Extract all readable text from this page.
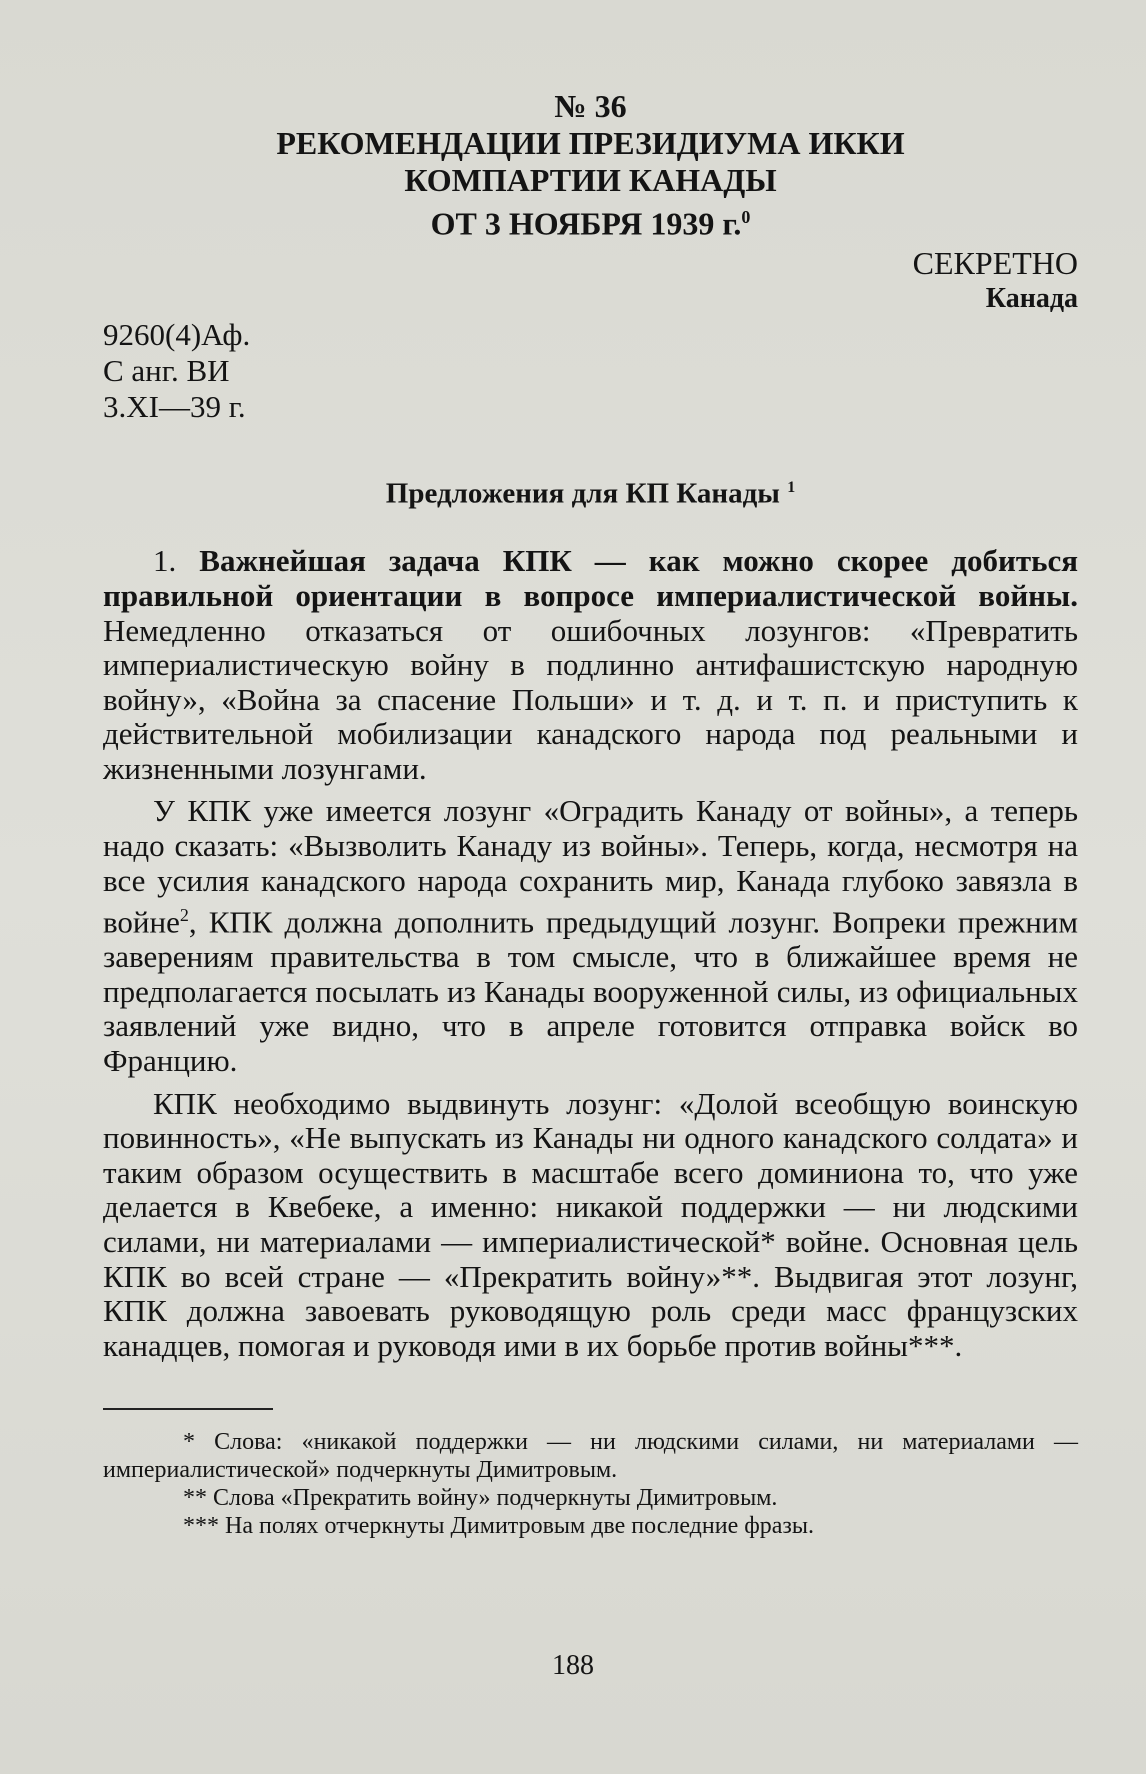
№ 36
РЕКОМЕНДАЦИИ ПРЕЗИДИУМА ИККИ
КОМПАРТИИ КАНАДЫ
ОТ 3 НОЯБРЯ 1939 г.$^0$
СЕКРЕТНО
Канада
9260(4)Аф.
С анг. ВИ
3.XI—39 г.
Предложения для КП Канады $^1$

1. Важнейшая задача КПК — как можно скорее добиться правильной ориентации в вопросе империалистической войны. Немедленно отказаться от ошибочных лозунгов: «Превратить империалистическую войну в подлинно антифашистскую народную войну», «Война за спасение Польши» и т. д. и т. п. и приступить к действительной мобилизации канадского народа под реальными и жизненными лозунгами.

У КПК уже имеется лозунг «Оградить Канаду от войны», а теперь надо сказать: «Вызволить Канаду из войны». Теперь, когда, несмотря на все усилия канадского народа сохранить мир, Канада глубоко завязла в войне$^2$, КПК должна дополнить предыдущий лозунг. Вопреки прежним заверениям правительства в том смысле, что в ближайшее время не предполагается посылать из Канады вооруженной силы, из официальных заявлений уже видно, что в апреле готовится отправка войск во Францию.

КПК необходимо выдвинуть лозунг: «Долой всеобщую воинскую повинность», «Не выпускать из Канады ни одного канадского солдата» и таким образом осуществить в масштабе всего доминиона то, что уже делается в Квебеке, а именно: никакой поддержки — ни людскими силами, ни материалами — империалистической* войне. Основная цель КПК во всей стране — «Прекратить войну»**. Выдвигая этот лозунг, КПК должна завоевать руководящую роль среди масс французских канадцев, помогая и руководя ими в их борьбе против войны***.

* Слова: «никакой поддержки — ни людскими силами, ни материалами — империалистической» подчеркнуты Димитровым.

** Слова «Прекратить войну» подчеркнуты Димитровым.

*** На полях отчеркнуты Димитровым две последние фразы.

188
